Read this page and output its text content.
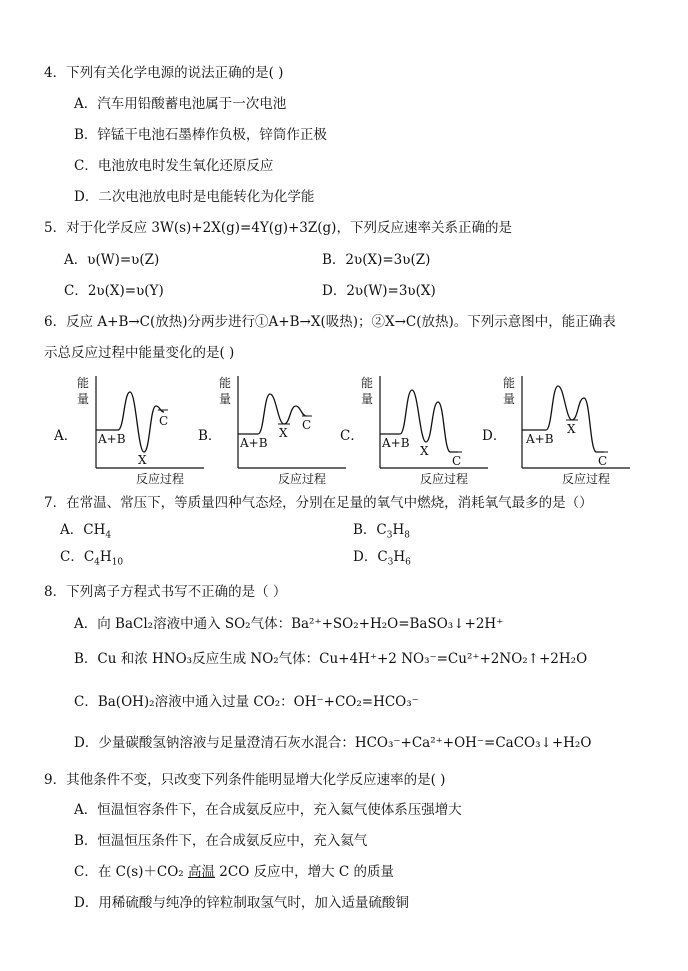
4．下列有关化学电源的说法正确的是( )
A．汽车用铅酸蓄电池属于一次电池
B．锌锰干电池石墨棒作负极，锌筒作正极
C．电池放电时发生氧化还原反应
D．二次电池放电时是电能转化为化学能
5．对于化学反应 3W(s)+2X(g)=4Y(g)+3Z(g)，下列反应速率关系正确的是
A．ʋ(W)=ʋ(Z)	B．2ʋ(X)=3ʋ(Z)
C．2ʋ(X)=ʋ(Y)	D．2ʋ(W)=3ʋ(X)
6．反应 A+B→C(放热)分两步进行①A+B→X(吸热)；②X→C(放热)。下列示意图中，能正确表
示总反应过程中能量变化的是( )
A．	B．	C．	D．
能
量
A+B
X
C
反应过程
能
量
A+B
X
C
反应过程
能
量
A+B
X
C
反应过程
能
量
A+B
X
C
反应过程
7．在常温、常压下，等质量四种气态烃，分别在足量的氧气中燃烧，消耗氧气最多的是（）
A．$CH_4$	B．$C_3H_8$
C．$C_4H_{10}$	D．$C_3H_6$
8．下列离子方程式书写不正确的是（ ）
A．向 BaCl₂溶液中通入 SO₂气体：Ba²⁺+SO₂+H₂O=BaSO₃↓+2H⁺
B．Cu 和浓 HNO₃反应生成 NO₂气体：Cu+4H⁺+2 NO₃⁻=Cu²⁺+2NO₂↑+2H₂O
C．Ba(OH)₂溶液中通入过量 CO₂：OH⁻+CO₂=HCO₃⁻
D．少量碳酸氢钠溶液与足量澄清石灰水混合：HCO₃⁻+Ca²⁺+OH⁻=CaCO₃↓+H₂O
9．其他条件不变，只改变下列条件能明显增大化学反应速率的是( )
A．恒温恒容条件下，在合成氨反应中，充入氦气使体系压强增大
B．恒温恒压条件下，在合成氨反应中，充入氦气
C．在 C(s)＋CO₂ 高温 2CO 反应中，增大 C 的质量
D．用稀硫酸与纯净的锌粒制取氢气时，加入适量硫酸铜
